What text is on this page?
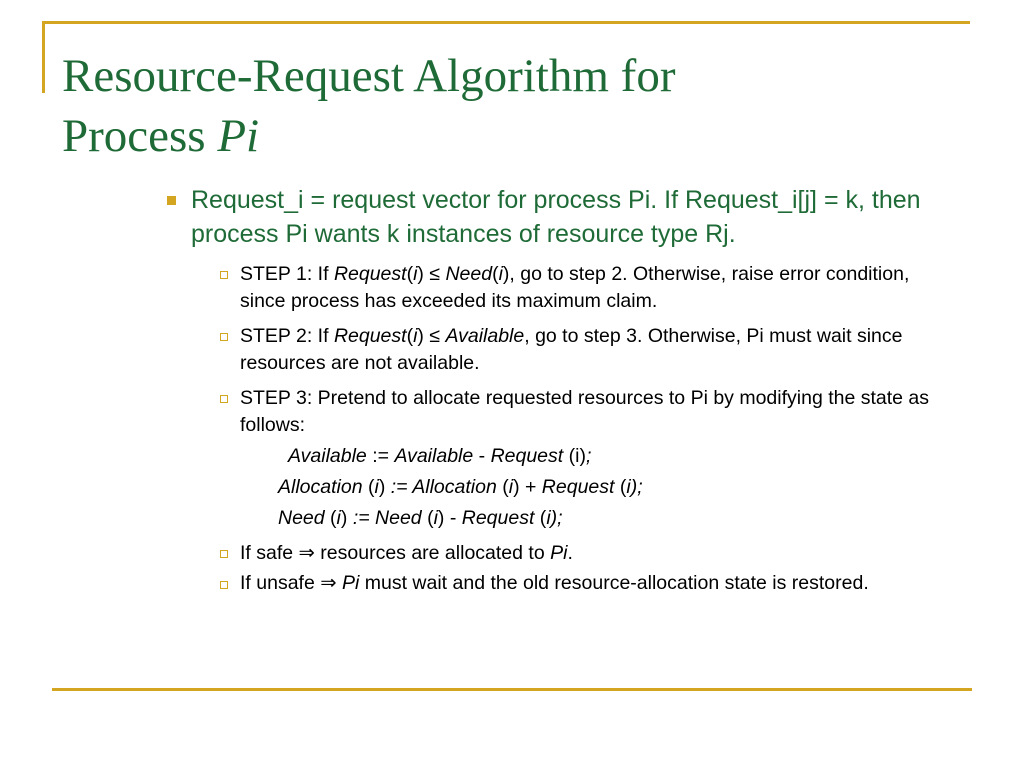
Resource-Request Algorithm for
Process Pi
Request_i = request vector for process Pi. If Request_i[j] = k, then process Pi wants k instances of resource type Rj.
STEP 1: If Request(i) ≤ Need(i), go to step 2. Otherwise, raise error condition, since process has exceeded its maximum claim.
STEP 2: If Request(i) ≤ Available, go to step 3. Otherwise, Pi must wait since resources are not available.
STEP 3: Pretend to allocate requested resources to Pi by modifying the state as follows:
Available := Available - Request (i);
Allocation (i) := Allocation (i) + Request (i);
Need (i) := Need (i) - Request (i);
If safe ⇒ resources are allocated to Pi.
If unsafe ⇒ Pi must wait and the old resource-allocation state is restored.
